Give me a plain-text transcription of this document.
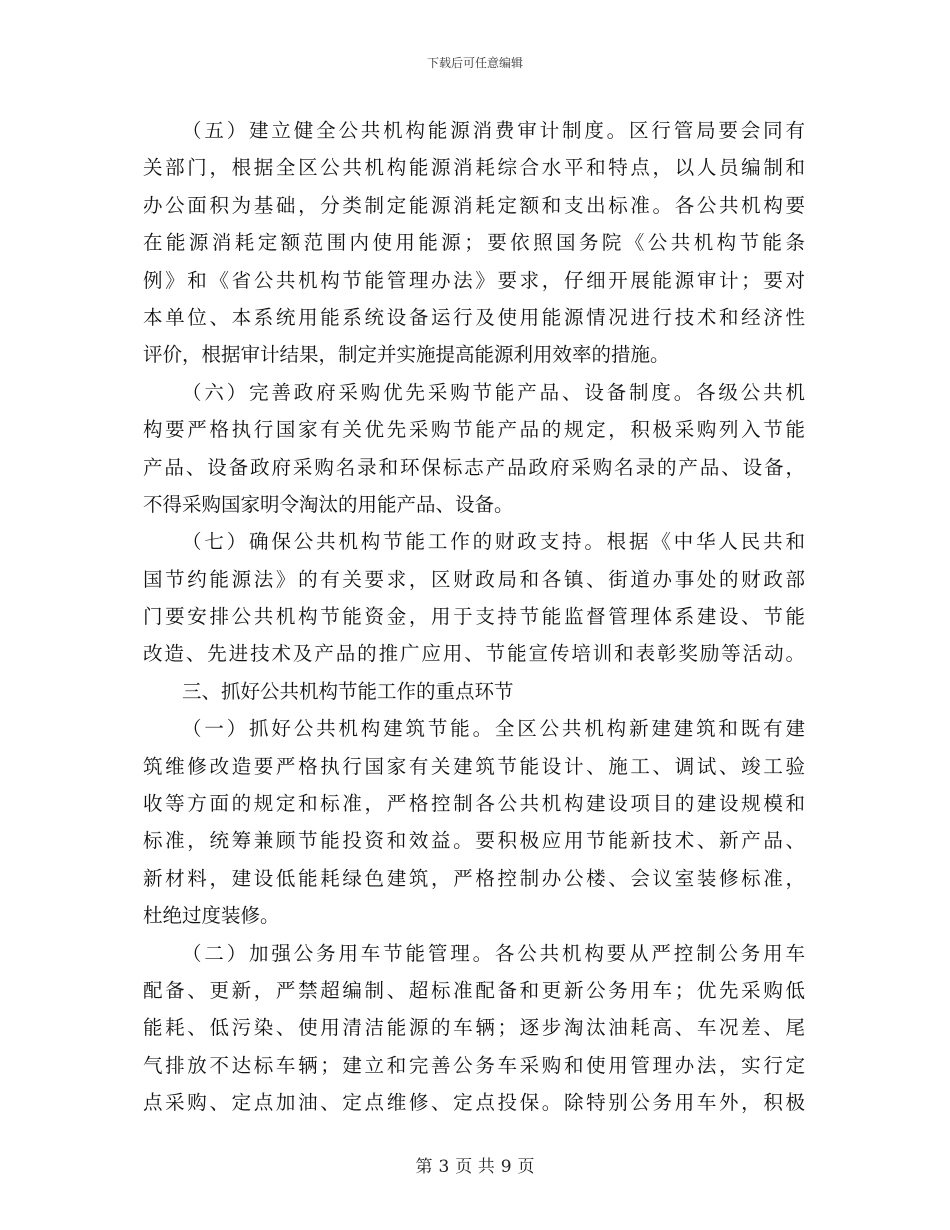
下载后可任意编辑
（五）建立健全公共机构能源消费审计制度。区行管局要会同有
关部门，根据全区公共机构能源消耗综合水平和特点，以人员编制和
办公面积为基础，分类制定能源消耗定额和支出标准。各公共机构要
在能源消耗定额范围内使用能源；要依照国务院《公共机构节能条
例》和《省公共机构节能管理办法》要求，仔细开展能源审计；要对
本单位、本系统用能系统设备运行及使用能源情况进行技术和经济性
评价，根据审计结果，制定并实施提高能源利用效率的措施。
（六）完善政府采购优先采购节能产品、设备制度。各级公共机
构要严格执行国家有关优先采购节能产品的规定，积极采购列入节能
产品、设备政府采购名录和环保标志产品政府采购名录的产品、设备，
不得采购国家明令淘汰的用能产品、设备。
（七）确保公共机构节能工作的财政支持。根据《中华人民共和
国节约能源法》的有关要求，区财政局和各镇、街道办事处的财政部
门要安排公共机构节能资金，用于支持节能监督管理体系建设、节能
改造、先进技术及产品的推广应用、节能宣传培训和表彰奖励等活动。
三、抓好公共机构节能工作的重点环节
（一）抓好公共机构建筑节能。全区公共机构新建建筑和既有建
筑维修改造要严格执行国家有关建筑节能设计、施工、调试、竣工验
收等方面的规定和标准，严格控制各公共机构建设项目的建设规模和
标准，统筹兼顾节能投资和效益。要积极应用节能新技术、新产品、
新材料，建设低能耗绿色建筑，严格控制办公楼、会议室装修标准，
杜绝过度装修。
（二）加强公务用车节能管理。各公共机构要从严控制公务用车
配备、更新，严禁超编制、超标准配备和更新公务用车；优先采购低
能耗、低污染、使用清洁能源的车辆；逐步淘汰油耗高、车况差、尾
气排放不达标车辆；建立和完善公务车采购和使用管理办法，实行定
点采购、定点加油、定点维修、定点投保。除特别公务用车外，积极
第 3 页 共 9 页
